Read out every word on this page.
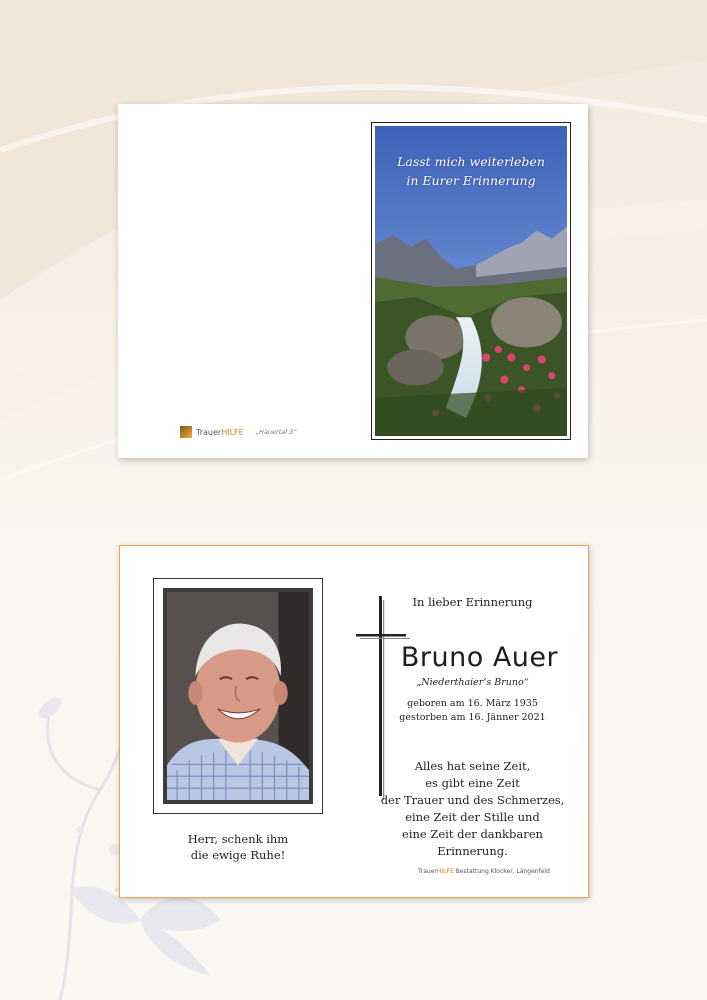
TrauerHILFE „Hauertal 3“
Lasst mich weiterleben
in Eurer Erinnerung
Herr, schenk ihm
die ewige Ruhe!
In lieber Erinnerung
Bruno Auer
„Niederthaier’s Bruno“
geboren am 16. März 1935
gestorben am 16. Jänner 2021
Alles hat seine Zeit,
es gibt eine Zeit
der Trauer und des Schmerzes,
eine Zeit der Stille und
eine Zeit der dankbaren Erinnerung.
TrauerHILFE Bestattung Klocker, Längenfeld
